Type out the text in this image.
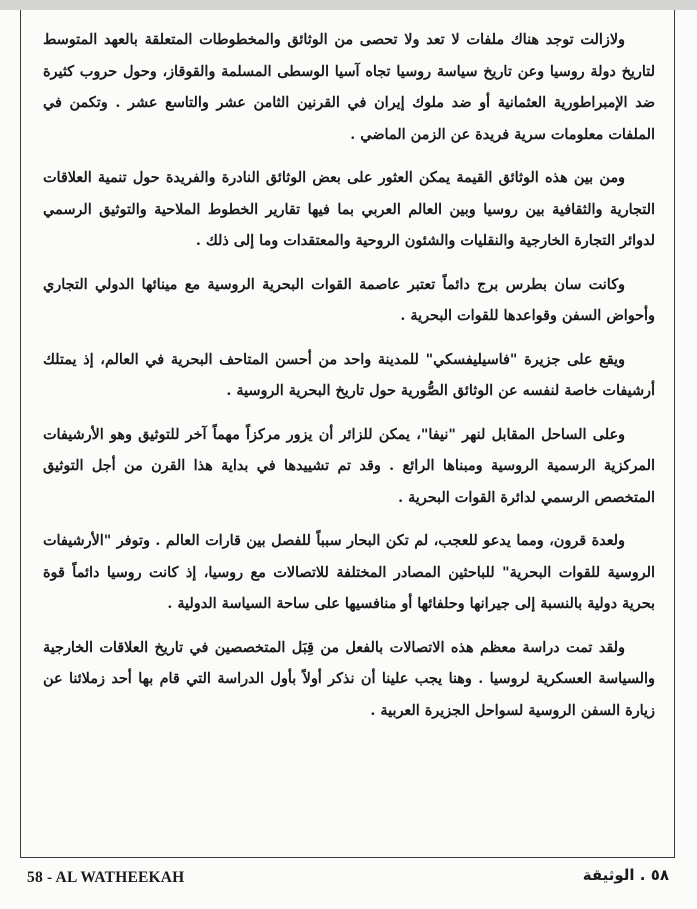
ولازالت توجد هناك ملفات لا تعد ولا تحصى من الوثائق والمخطوطات المتعلقة بالعهد المتوسط لتاريخ دولة روسيا وعن تاريخ سياسة روسيا تجاه آسيا الوسطى المسلمة والقوقاز، وحول حروب كثيرة ضد الإمبراطورية العثمانية أو ضد ملوك إيران في القرنين الثامن عشر والتاسع عشر . وتكمن في الملفات معلومات سرية فريدة عن الزمن الماضي .

ومن بين هذه الوثائق القيمة يمكن العثور على بعض الوثائق النادرة والفريدة حول تنمية العلاقات التجارية والثقافية بين روسيا وبين العالم العربي بما فيها تقارير الخطوط الملاحية والتوثيق الرسمي لدوائر التجارة الخارجية والنقليات والشئون الروحية والمعتقدات وما إلى ذلك .

وكانت سان بطرس برج دائماً تعتبر عاصمة القوات البحرية الروسية مع مينائها الدولي التجاري وأحواض السفن وقواعدها للقوات البحرية .

ويقع على جزيرة "فاسيليفسكي" للمدينة واحد من أحسن المتاحف البحرية في العالم، إذ يمتلك أرشيفات خاصة لنفسه عن الوثائق الصُّورية حول تاريخ البحرية الروسية .

وعلى الساحل المقابل لنهر "نيفا"، يمكن للزائر أن يزور مركزاً مهماً آخر للتوثيق وهو الأرشيفات المركزية الرسمية الروسية ومبناها الرائع . وقد تم تشييدها في بداية هذا القرن من أجل التوثيق المتخصص الرسمي لدائرة القوات البحرية .

ولعدة قرون، ومما يدعو للعجب، لم تكن البحار سبباً للفصل بين قارات العالم . وتوفر "الأرشيفات الروسية للقوات البحرية" للباحثين المصادر المختلفة للاتصالات مع روسيا، إذ كانت روسيا دائماً قوة بحرية دولية بالنسبة إلى جيرانها وحلفائها أو منافسيها على ساحة السياسة الدولية .

ولقد تمت دراسة معظم هذه الاتصالات بالفعل من قِبَل المتخصصين في تاريخ العلاقات الخارجية والسياسة العسكرية لروسيا . وهنا يجب علينا أن نذكر أولاً بأول الدراسة التي قام بها أحد زملائنا عن زيارة السفن الروسية لسواحل الجزيرة العربية .

58 - AL WATHEEKAH	٥٨ . الوثيقة
